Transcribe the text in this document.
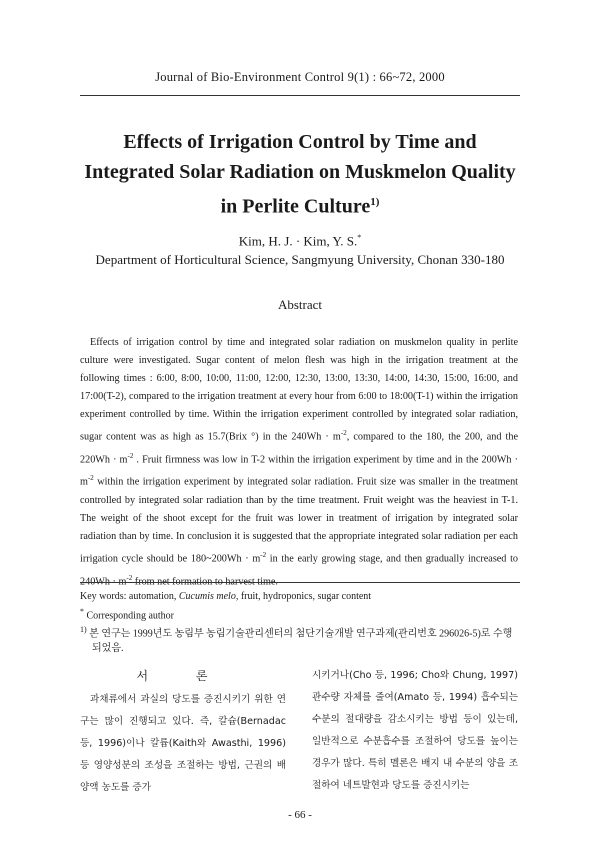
Journal of Bio-Environment Control 9(1) : 66~72, 2000
Effects of Irrigation Control by Time and
Integrated Solar Radiation on Muskmelon Quality
in Perlite Culture$^{1)}$
Kim, H. J. · Kim, Y. S.*
Department of Horticultural Science, Sangmyung University, Chonan 330-180
Abstract
Effects of irrigation control by time and integrated solar radiation on muskmelon quality in perlite culture were investigated. Sugar content of melon flesh was high in the irrigation treatment at the following times : 6:00, 8:00, 10:00, 11:00, 12:00, 12:30, 13:00, 13:30, 14:00, 14:30, 15:00, 16:00, and 17:00(T-2), compared to the irrigation treatment at every hour from 6:00 to 18:00(T-1) within the irrigation experiment controlled by time. Within the irrigation experiment controlled by integrated solar radiation, sugar content was as high as 15.7(Brix °) in the $240Wh \cdot m^{-2}$, compared to the 180, the 200, and the $220Wh \cdot m^{-2}$ . Fruit firmness was low in T-2 within the irrigation experiment by time and in the $200Wh \cdot m^{-2}$ within the irrigation experiment by integrated solar radiation. Fruit size was smaller in the treatment controlled by integrated solar radiation than by the time treatment. Fruit weight was the heaviest in T-1. The weight of the shoot except for the fruit was lower in treatment of irrigation by integrated solar radiation than by time. In conclusion it is suggested that the appropriate integrated solar radiation per each irrigation cycle should be 180~200Wh · $m^{-2}$ in the early growing stage, and then gradually increased to $240Wh \cdot m^{-2}$ from net formation to harvest time.
Key words: automation, Cucumis melo, fruit, hydroponics, sugar content
* Corresponding author
$^{1)}$ 본 연구는 1999년도 농림부 농림기술관리센터의 첨단기술개발 연구과제(관리번호 296026-5)로 수행되었음.
서 론
과채류에서 과실의 당도를 증진시키기 위한 연구는 많이 진행되고 있다. 즉, 칼슘(Bernadac 등, 1996)이나 칼륨(Kaith와 Awasthi, 1996) 등 영양성분의 조성을 조절하는 방법, 근권의 배양액 농도를 증가
시키거나(Cho 등, 1996; Cho와 Chung, 1997) 관수량 자체를 줄여(Amato 등, 1994) 흡수되는 수분의 절대량을 감소시키는 방법 등이 있는데, 일반적으로 수분흡수를 조절하여 당도를 높이는 경우가 많다. 특히 멜론은 배지 내 수분의 양을 조절하여 네트발현과 당도를 증진시키는
- 66 -
